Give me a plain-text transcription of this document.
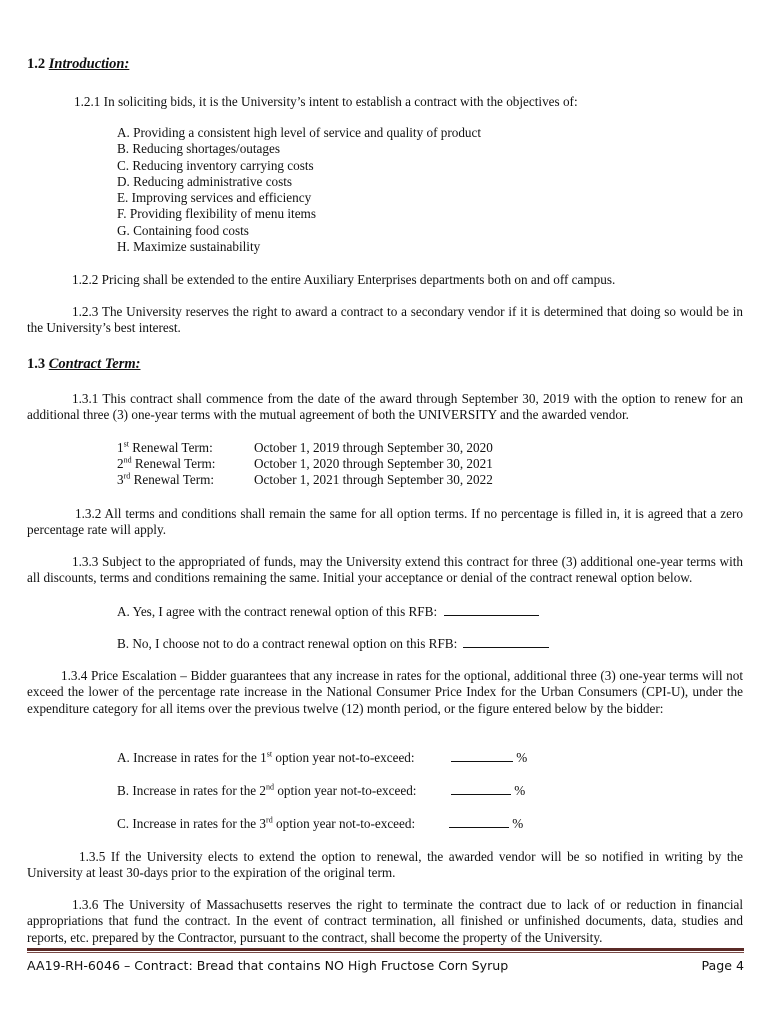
1.2 Introduction:
1.2.1 In soliciting bids, it is the University’s intent to establish a contract with the objectives of:
A. Providing a consistent high level of service and quality of product
B. Reducing shortages/outages
C. Reducing inventory carrying costs
D. Reducing administrative costs
E. Improving services and efficiency
F. Providing flexibility of menu items
G. Containing food costs
H. Maximize sustainability
1.2.2 Pricing shall be extended to the entire Auxiliary Enterprises departments both on and off campus.
1.2.3 The University reserves the right to award a contract to a secondary vendor if it is determined that doing so would be in the University’s best interest.
1.3 Contract Term:
1.3.1 This contract shall commence from the date of the award through September 30, 2019 with the option to renew for an additional three (3) one-year terms with the mutual agreement of both the UNIVERSITY and the awarded vendor.
1st Renewal Term:	October 1, 2019 through September 30, 2020
2nd Renewal Term:	October 1, 2020 through September 30, 2021
3rd Renewal Term:	October 1, 2021 through September 30, 2022
1.3.2 All terms and conditions shall remain the same for all option terms. If no percentage is filled in, it is agreed that a zero percentage rate will apply.
1.3.3 Subject to the appropriated of funds, may the University extend this contract for three (3) additional one-year terms with all discounts, terms and conditions remaining the same. Initial your acceptance or denial of the contract renewal option below.
A. Yes, I agree with the contract renewal option of this RFB:
B. No, I choose not to do a contract renewal option on this RFB:
1.3.4 Price Escalation – Bidder guarantees that any increase in rates for the optional, additional three (3) one-year terms will not exceed the lower of the percentage rate increase in the National Consumer Price Index for the Urban Consumers (CPI-U), under the expenditure category for all items over the previous twelve (12) month period, or the figure entered below by the bidder:
A. Increase in rates for the 1st option year not-to-exceed:	%
B. Increase in rates for the 2nd option year not-to-exceed:	%
C. Increase in rates for the 3rd option year not-to-exceed:	%
1.3.5 If the University elects to extend the option to renewal, the awarded vendor will be so notified in writing by the University at least 30-days prior to the expiration of the original term.
1.3.6 The University of Massachusetts reserves the right to terminate the contract due to lack of or reduction in financial appropriations that fund the contract. In the event of contract termination, all finished or unfinished documents, data, studies and reports, etc. prepared by the Contractor, pursuant to the contract, shall become the property of the University.
AA19-RH-6046 – Contract: Bread that contains NO High Fructose Corn Syrup	Page 4
